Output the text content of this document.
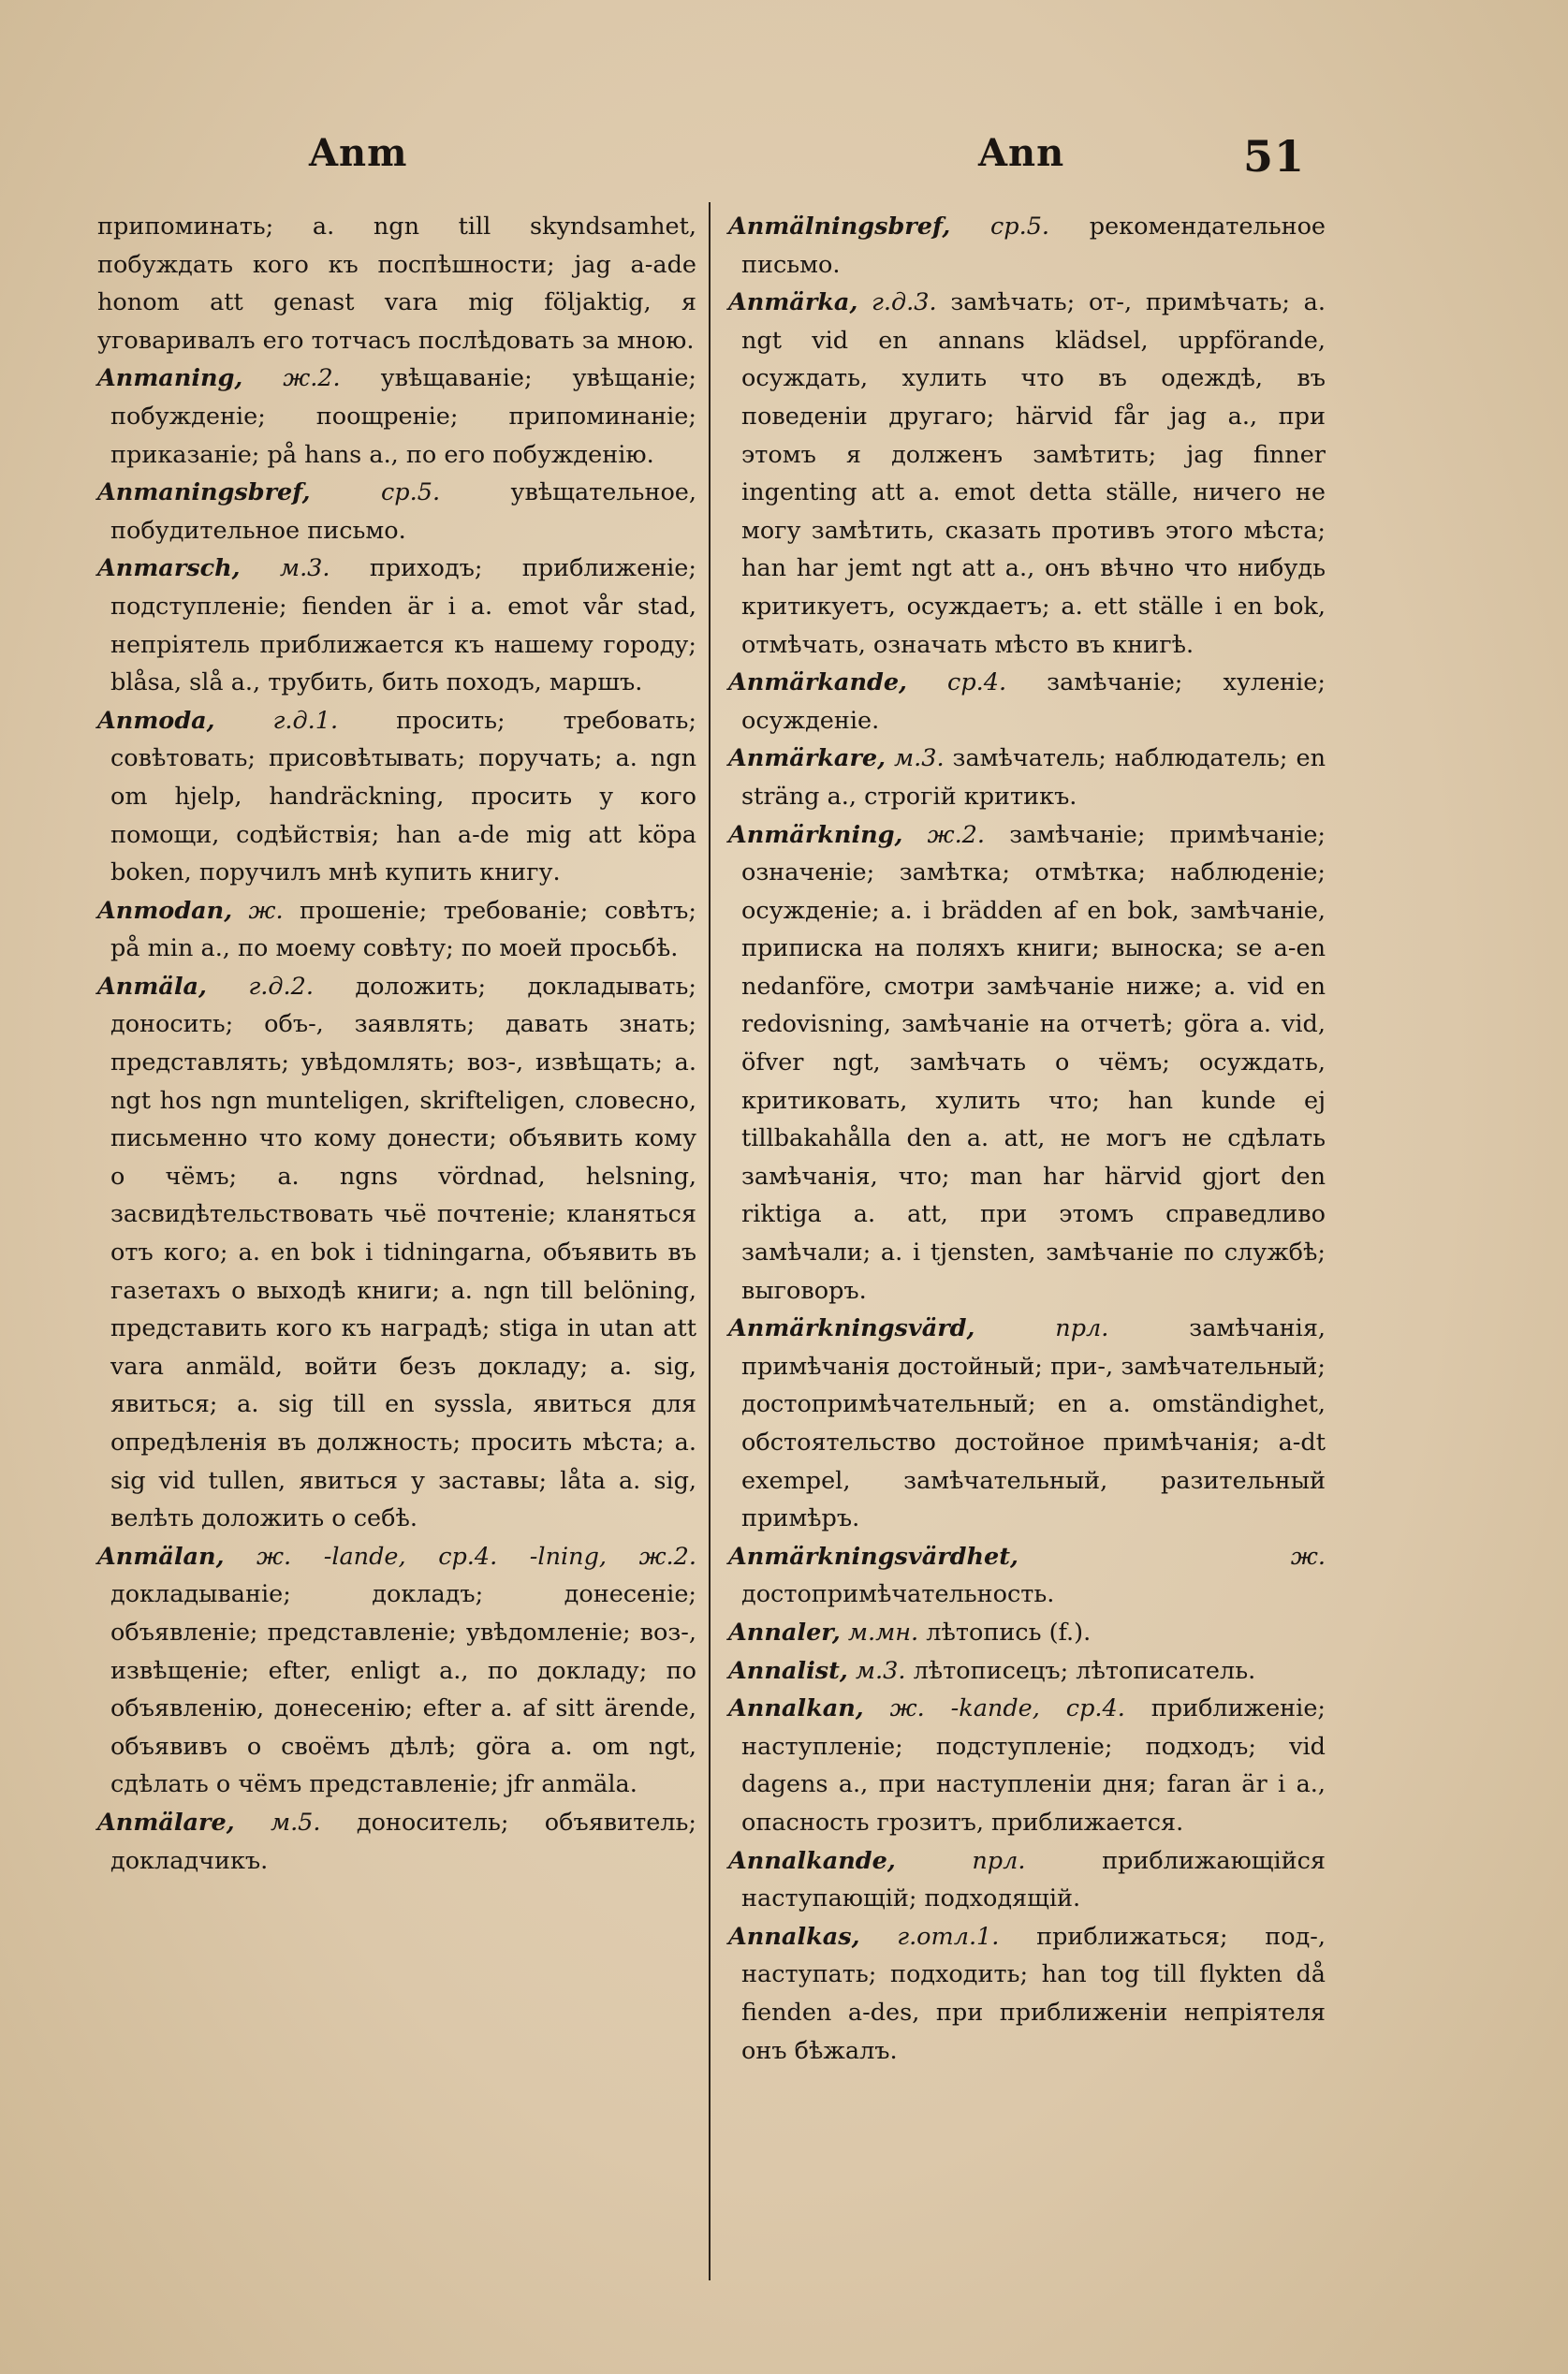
Anm	Ann	51

припоминать; a. ngn till skyndsamhet, побуждать кого къ поспѣшности; jag a-ade honom att genast vara mig följaktig, я уговаривалъ его тотчасъ послѣдовать за мною.

Anmaning, ж.2. увѣщаваніе; увѣщаніе; побужденіе; поощреніе; припоминаніе; приказаніе; på hans a., по его побужденію.

Anmaningsbref,	ср.5.	увѣщательное, побудительное письмо.

Anmarsch, м.3. приходъ; приближеніе; подступленіе; fienden är i a. emot vår stad, непріятель приближается къ нашему городу; blåsa, slå a., трубить, бить походъ, маршъ.

Anmoda, г.д.1. просить; требовать; совѣтовать; присовѣтывать; поручать; a. ngn om hjelp, handräckning, просить у кого помощи, содѣйствія; han a-de mig att köpa boken, поручилъ мнѣ купить книгу.

Anmodan, ж. прошеніе; требованіе; совѣтъ; på min a., по моему совѣту; по моей просьбѣ.

Anmäla, г.д.2. доложить; докладывать; доносить; объ-, заявлять; давать знать; представлять; увѣдомлять; воз-, извѣщать; a. ngt hos ngn munteligen, skrifteligen, словесно, письменно что кому донести; объявить кому о чёмъ; a. ngns vördnad, helsning, засвидѣтельствовать чьё почтеніе; кланяться отъ кого; a. en bok i tidningarna, объявить въ газетахъ о выходѣ книги; a. ngn till belöning, представить кого къ наградѣ; stiga in utan att vara anmäld, войти безъ докладу; a. sig, явиться; a. sig till en syssla, явиться для опредѣленія въ должность; просить мѣста; a. sig vid tullen, явиться у заставы; låta a. sig, велѣть доложить о себѣ.

Anmälan, ж. -lande, ср.4. -lning, ж.2. докладываніе; докладъ; донесеніе; объявленіе; представленіе; увѣдомленіе; воз-, извѣщеніе; efter, enligt a., по докладу; по объявленію, донесенію; efter a. af sitt ärende, объявивъ о своёмъ дѣлѣ; göra a. om ngt, сдѣлать о чёмъ представленіе; jfr anmäla.

Anmälare, м.5. доноситель; объявитель; докладчикъ.

Anmälningsbref, ср.5. рекомендательное письмо.

Anmärka, г.д.3. замѣчать; от-, примѣчать; a. ngt vid en annans klädsel, uppförande, осуждать, хулить что въ одеждѣ, въ поведеніи другаго; härvid får jag a., при этомъ я долженъ замѣтить; jag finner ingenting att a. emot detta ställe, ничего не могу замѣтить, сказать противъ этого мѣста; han har jemt ngt att a., онъ вѣчно что нибудь критикуетъ, осуждаетъ; a. ett ställe i en bok, отмѣчать, означать мѣсто въ книгѣ.

Anmärkande, ср.4. замѣчаніе; хуленіе; осужденіе.

Anmärkare, м.3. замѣчатель; наблюдатель; en sträng a., строгій критикъ.

Anmärkning, ж.2. замѣчаніе; примѣчаніе; означеніе; замѣтка; отмѣтка; наблюденіе; осужденіе; a. i brädden af en bok, замѣчаніе, приписка на поляхъ книги; выноска; se a-en nedanföre, смотри замѣчаніе ниже; a. vid en redovisning, замѣчаніе на отчетѣ; göra a. vid, öfver ngt, замѣчать о чёмъ; осуждать, критиковать, хулить что; han kunde ej tillbakahålla den a. att, не могъ не сдѣлать замѣчанія, что; man har härvid gjort den riktiga a. att, при этомъ справедливо замѣчали; a. i tjensten, замѣчаніе по службѣ; выговоръ.

Anmärkningsvärd,	прл.	замѣчанія, примѣчанія достойный; при-, замѣчательный; достопримѣчательный; en a. omständighet, обстоятельство достойное примѣчанія; a-dt exempel, замѣчательный, разительный примѣръ.

Anmärkningsvärdhet,	ж. достопримѣчательность.

Annaler, м.мн. лѣтопись (f.).

Annalist, м.3. лѣтописецъ; лѣтописатель.

Annalkan, ж. -kande, ср.4. приближеніе; наступленіе; подступленіе; подходъ; vid dagens a., при наступленіи дня; faran är i a., опасность грозитъ, приближается.

Annalkande,	прл.	приближающійся наступающій; подходящій.

Annalkas, г.отл.1. приближаться; под-, наступать; подходить; han tog till flykten då fienden a-des, при приближеніи непріятеля онъ бѣжалъ.
